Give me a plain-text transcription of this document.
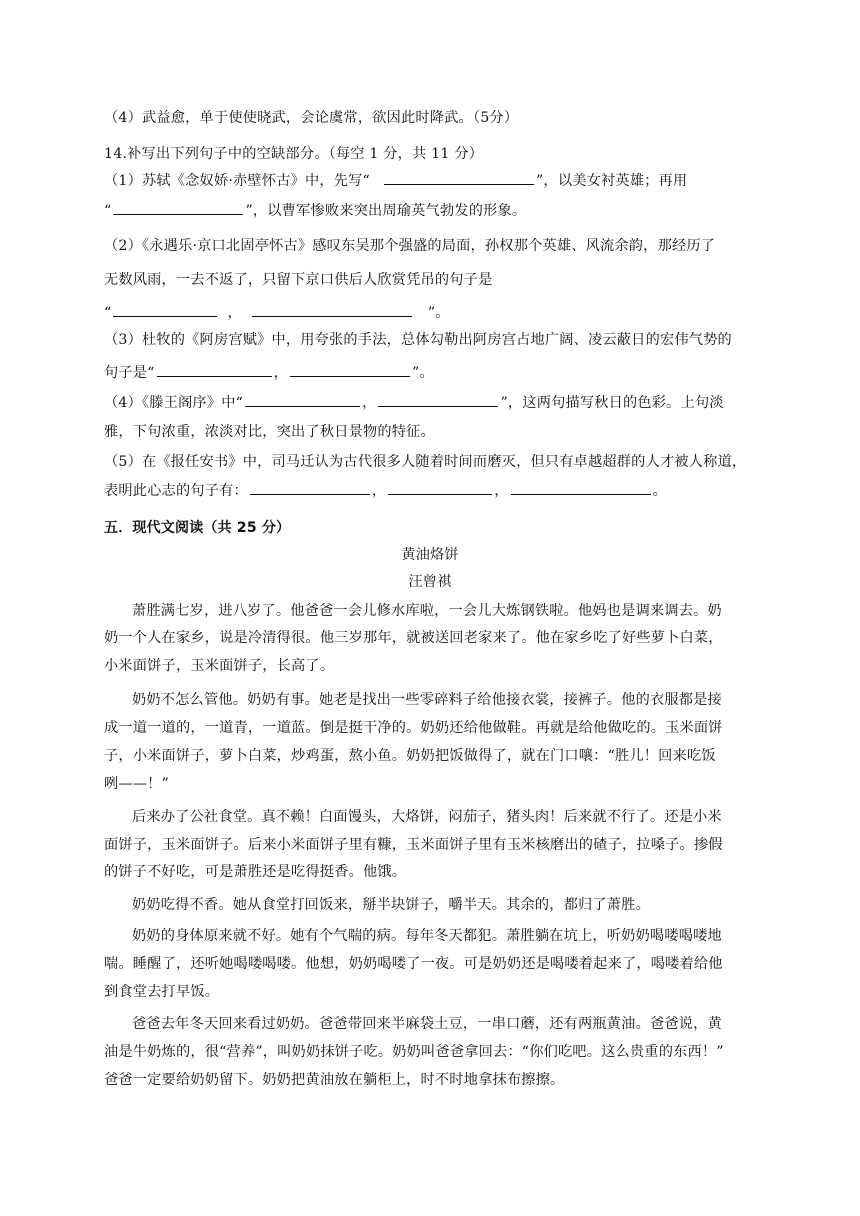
（4）武益愈，单于使使晓武，会论虞常，欲因此时降武。（5分）
14.补写出下列句子中的空缺部分。（每空 1 分，共 11 分）
（1）苏轼《念奴娇·赤壁怀古》中，先写“	”，以美女衬英雄；再用
“	”，以曹军惨败来突出周瑜英气勃发的形象。
（2）《永遇乐·京口北固亭怀古》感叹东吴那个强盛的局面，孙权那个英雄、风流余韵，那经历了
无数风雨，一去不返了，只留下京口供后人欣赏凭吊的句子是
“	，	”。
（3）杜牧的《阿房宫赋》中，用夸张的手法，总体勾勒出阿房宫占地广阔、凌云蔽日的宏伟气势的
句子是“	，	”。
（4）《滕王阁序》中“	，	”，这两句描写秋日的色彩。上句淡
雅，下句浓重，浓淡对比，突出了秋日景物的特征。
（5）在《报任安书》中，司马迁认为古代很多人随着时间而磨灭，但只有卓越超群的人才被人称道，
表明此心志的句子有：	，	，	。
五．现代文阅读（共 25 分）
黄油烙饼
汪曾祺
萧胜满七岁，进八岁了。他爸爸一会儿修水库啦，一会儿大炼钢铁啦。他妈也是调来调去。奶
奶一个人在家乡，说是冷清得很。他三岁那年，就被送回老家来了。他在家乡吃了好些萝卜白菜，
小米面饼子，玉米面饼子，长高了。
奶奶不怎么管他。奶奶有事。她老是找出一些零碎料子给他接衣裳，接裤子。他的衣服都是接
成一道一道的，一道青，一道蓝。倒是挺干净的。奶奶还给他做鞋。再就是给他做吃的。玉米面饼
子，小米面饼子，萝卜白菜，炒鸡蛋，熬小鱼。奶奶把饭做得了，就在门口嚷：“胜儿！回来吃饭
咧——！”
后来办了公社食堂。真不赖！白面馒头，大烙饼，闷茄子，猪头肉！后来就不行了。还是小米
面饼子，玉米面饼子。后来小米面饼子里有糠，玉米面饼子里有玉米核磨出的碴子，拉嗓子。掺假
的饼子不好吃，可是萧胜还是吃得挺香。他饿。
奶奶吃得不香。她从食堂打回饭来，掰半块饼子，嚼半天。其余的，都归了萧胜。
奶奶的身体原来就不好。她有个气喘的病。每年冬天都犯。萧胜躺在坑上，听奶奶喝喽喝喽地
喘。睡醒了，还听她喝喽喝喽。他想，奶奶喝喽了一夜。可是奶奶还是喝喽着起来了，喝喽着给他
到食堂去打早饭。
爸爸去年冬天回来看过奶奶。爸爸带回来半麻袋土豆，一串口蘑，还有两瓶黄油。爸爸说，黄
油是牛奶炼的，很“营养”，叫奶奶抹饼子吃。奶奶叫爸爸拿回去：“你们吃吧。这么贵重的东西！”
爸爸一定要给奶奶留下。奶奶把黄油放在躺柜上，时不时地拿抹布擦擦。
